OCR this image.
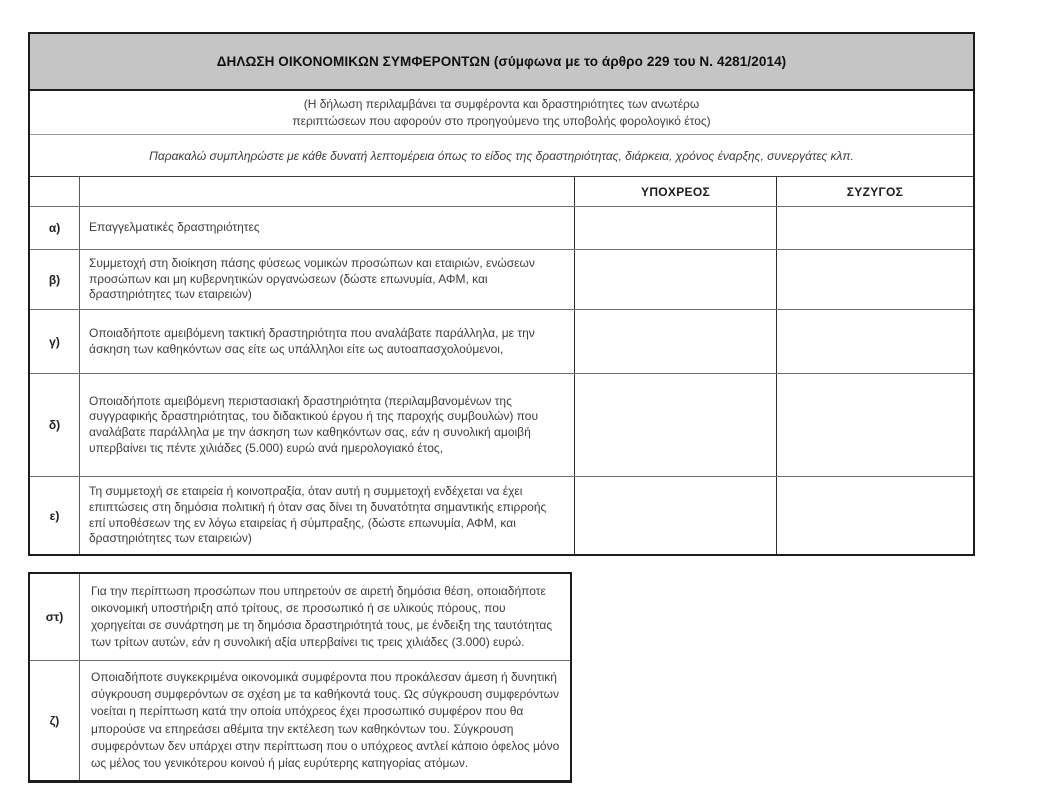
ΔΗΛΩΣΗ ΟΙΚΟΝΟΜΙΚΩΝ ΣΥΜΦΕΡΟΝΤΩΝ (σύμφωνα με το άρθρο 229 του Ν. 4281/2014)
(Η δήλωση περιλαμβάνει τα συμφέροντα και δραστηριότητες των ανωτέρω
περιπτώσεων που αφορούν στο προηγούμενο της υποβολής φορολογικό έτος)
Παρακαλώ συμπληρώστε με κάθε δυνατή λεπτομέρεια όπως το είδος της δραστηριότητας, διάρκεια, χρόνος έναρξης, συνεργάτες κλπ.
ΥΠΟΧΡΕΟΣ	ΣΥΖΥΓΟΣ
α)	Επαγγελματικές δραστηριότητες
β)
Συμμετοχή στη διοίκηση πάσης φύσεως νομικών προσώπων και εταιριών, ενώσεων προσώπων και μη κυβερνητικών οργανώσεων (δώστε επωνυμία, ΑΦΜ, και δραστηριότητες των εταιρειών)
γ)
Οποιαδήποτε αμειβόμενη τακτική δραστηριότητα που αναλάβατε παράλληλα, με την άσκηση των καθηκόντων σας είτε ως υπάλληλοι είτε ως αυτοαπασχολούμενοι,
δ)
Οποιαδήποτε αμειβόμενη περιστασιακή δραστηριότητα (περιλαμβανομένων της συγγραφικής δραστηριότητας, του διδακτικού έργου ή της παροχής συμβουλών) που αναλάβατε παράλληλα με την άσκηση των καθηκόντων σας, εάν η συνολική αμοιβή υπερβαίνει τις πέντε χιλιάδες (5.000) ευρώ ανά ημερολογιακό έτος,
ε)
Τη συμμετοχή σε εταιρεία ή κοινοπραξία, όταν αυτή η συμμετοχή ενδέχεται να έχει επιπτώσεις στη δημόσια πολιτική ή όταν σας δίνει τη δυνατότητα σημαντικής επιρροής επί υποθέσεων της εν λόγω εταιρείας ή σύμπραξης, (δώστε επωνυμία, ΑΦΜ, και δραστηριότητες των εταιρειών)
στ)
Για την περίπτωση προσώπων που υπηρετούν σε αιρετή δημόσια θέση, οποιαδήποτε οικονομική υποστήριξη από τρίτους, σε προσωπικό ή σε υλικούς πόρους, που χορηγείται σε συνάρτηση με τη δημόσια δραστηριότητά τους, με ένδειξη της ταυτότητας των τρίτων αυτών, εάν η συνολική αξία υπερβαίνει τις τρεις χιλιάδες (3.000) ευρώ.
ζ)
Οποιαδήποτε συγκεκριμένα οικονομικά συμφέροντα που προκάλεσαν άμεση ή δυνητική σύγκρουση συμφερόντων σε σχέση με τα καθήκοντά τους. Ως σύγκρουση συμφερόντων νοείται η περίπτωση κατά την οποία υπόχρεος έχει προσωπικό συμφέρον που θα μπορούσε να επηρεάσει αθέμιτα την εκτέλεση των καθηκόντων του. Σύγκρουση συμφερόντων δεν υπάρχει στην περίπτωση που ο υπόχρεος αντλεί κάποιο όφελος μόνο ως μέλος του γενικότερου κοινού ή μίας ευρύτερης κατηγορίας ατόμων.
